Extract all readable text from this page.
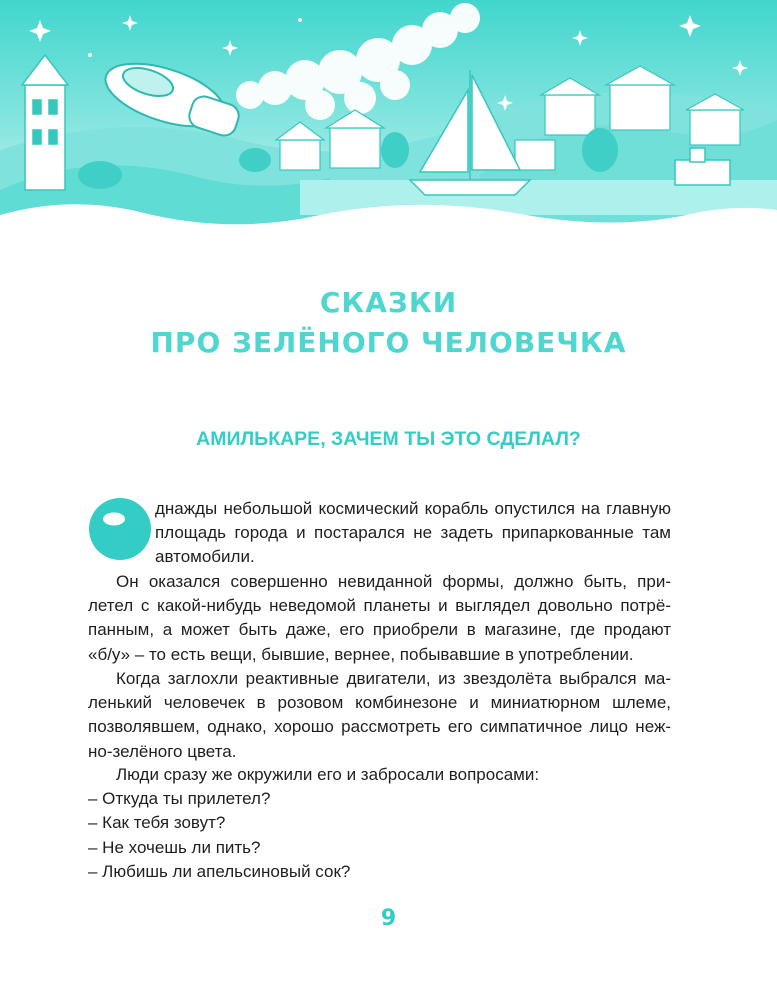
СКАЗКИ
ПРО ЗЕЛЁНОГО ЧЕЛОВЕЧКА
АМИЛЬКАРЕ, ЗАЧЕМ ТЫ ЭТО СДЕЛАЛ?

днажды небольшой космический корабль опустился на главную

площадь города и постарался не задеть припаркованные там

автомобили.

Он оказался совершенно невиданной формы, должно быть, при-

летел с какой-нибудь неведомой планеты и выглядел довольно потрё-

панным, а может быть даже, его приобрели в магазине, где продают

«б/у» – то есть вещи, бывшие, вернее, побывавшие в употреблении.

Когда заглохли реактивные двигатели, из звездолёта выбрался ма-

ленький человечек в розовом комбинезоне и миниатюрном шлеме,

позволявшем, однако, хорошо рассмотреть его симпатичное лицо неж-

но-зелёного цвета.

Люди сразу же окружили его и забросали вопросами:

– Откуда ты прилетел?

– Как тебя зовут?

– Не хочешь ли пить?

– Любишь ли апельсиновый сок?

9
